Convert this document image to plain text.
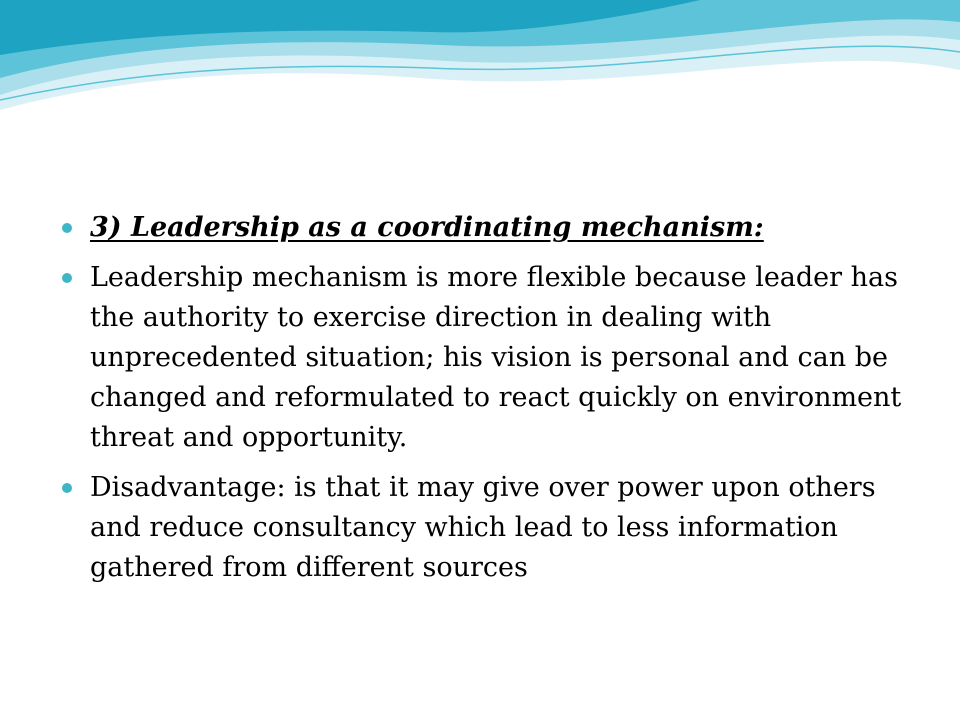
3) Leadership as a coordinating mechanism:
Leadership mechanism is more flexible because leader has the authority to exercise direction in dealing with unprecedented situation; his vision is personal and can be changed and reformulated to react quickly on environment threat and opportunity.
Disadvantage: is that it may give over power upon others and reduce consultancy which lead to less information gathered from different sources
